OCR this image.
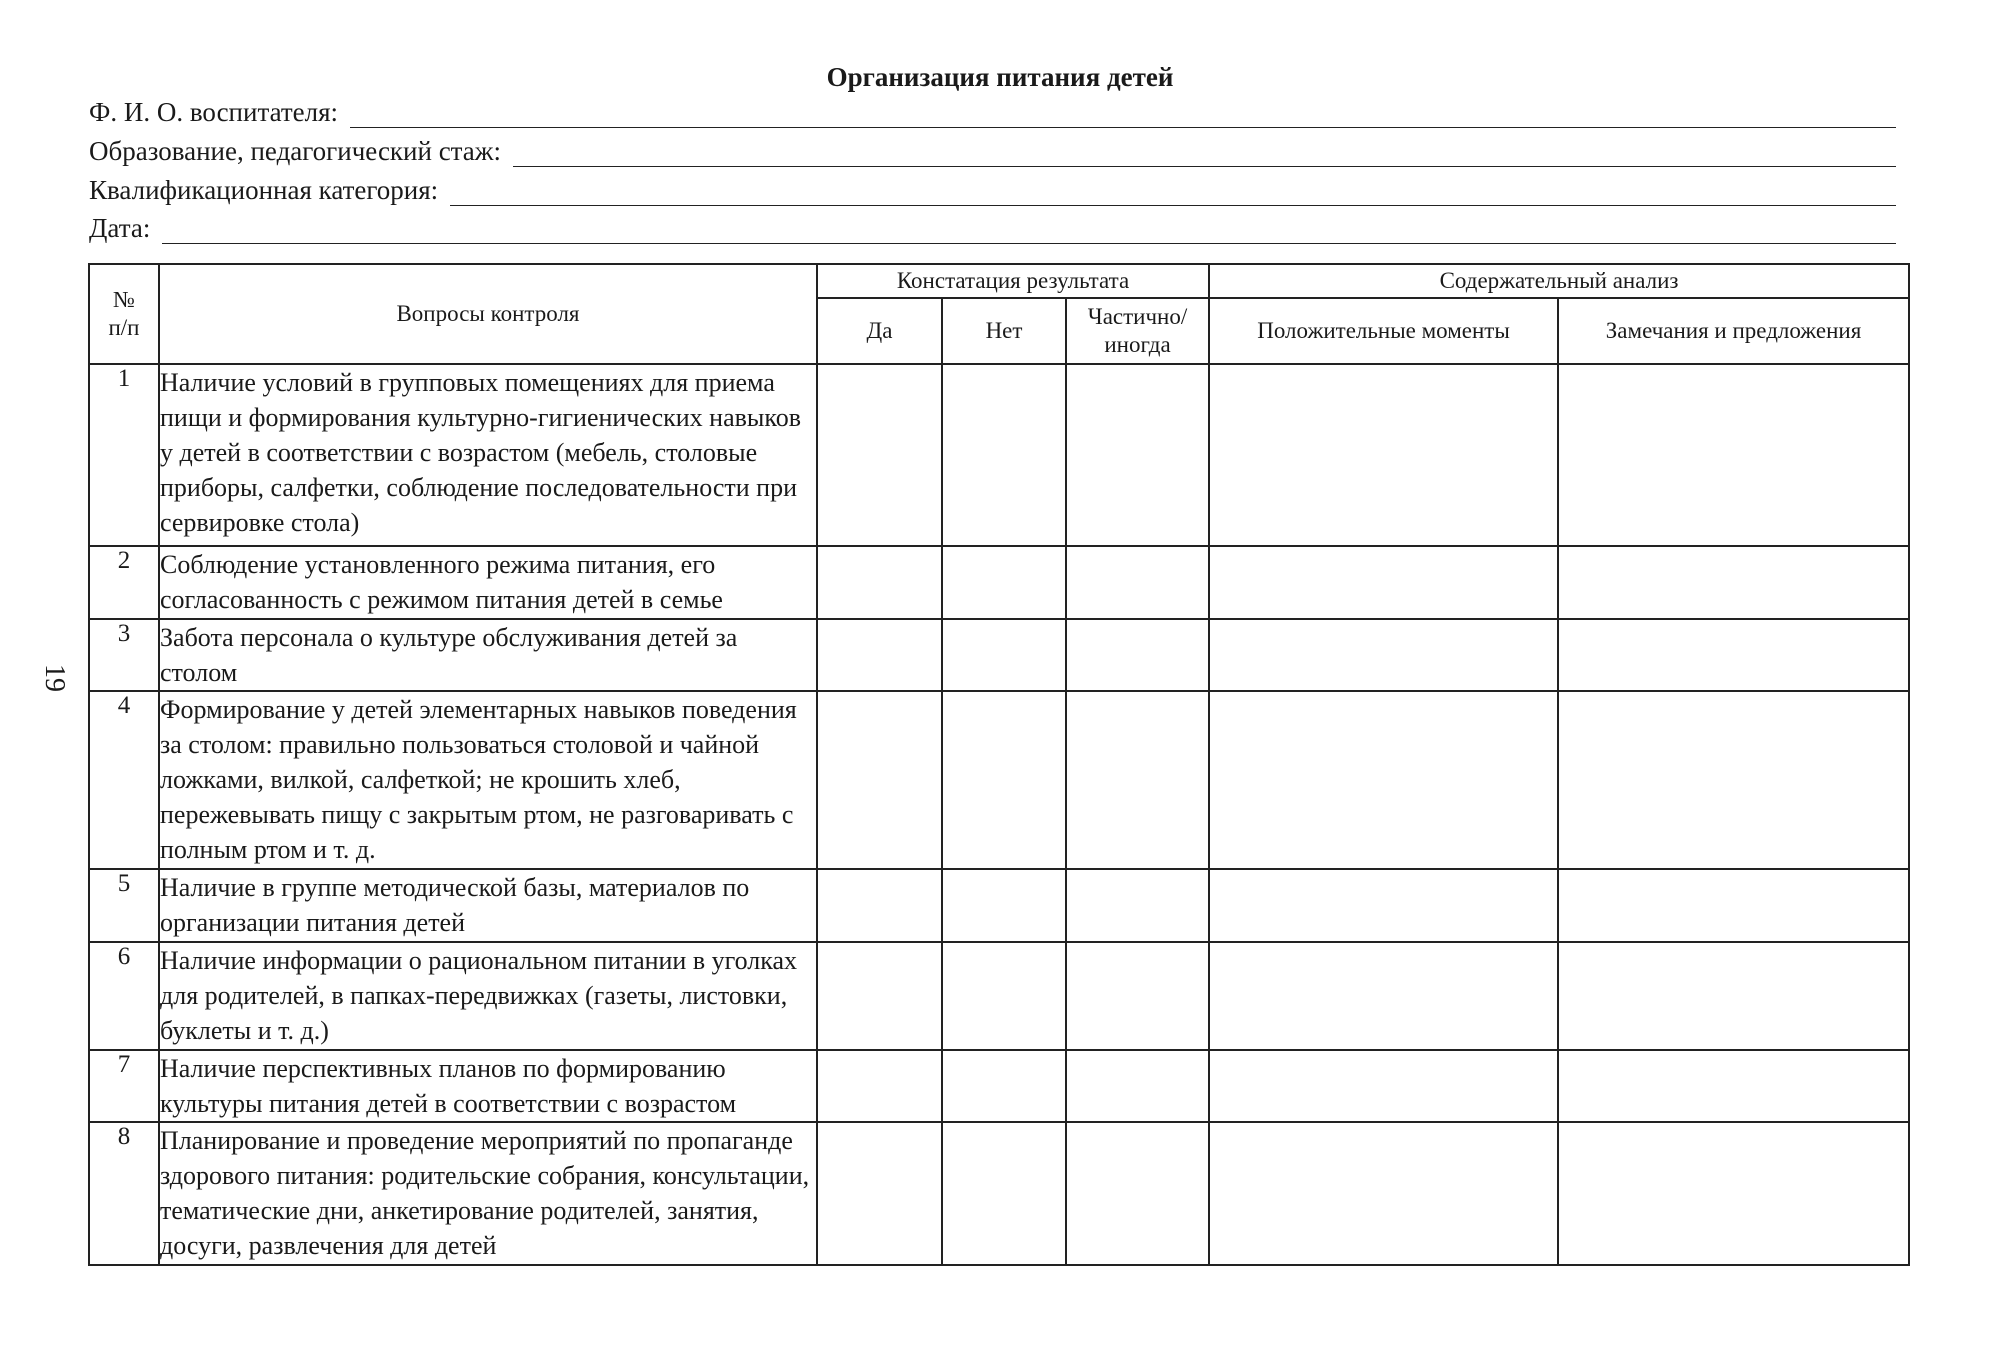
19
Организация питания детей
Ф. И. О. воспитателя:
Образование, педагогический стаж:
Квалификационная категория:
Дата:
№ п/п	Вопросы контроля	Констатация результата			Содержательный анализ	
		Да	Нет	Частично/ иногда	Положительные моменты	Замечания и предложения
1	Наличие условий в групповых помещениях для приема пищи и формирования культурно-гигиенических навыков у детей в соответствии с возрастом (мебель, столовые приборы, салфетки, соблюдение последовательности при сервировке стола)					
2	Соблюдение установленного режима питания, его согласованность с режимом питания детей в семье					
3	Забота персонала о культуре обслуживания детей за столом					
4	Формирование у детей элементарных навыков поведения за столом: правильно пользоваться столовой и чайной ложками, вилкой, салфеткой; не крошить хлеб, пережевывать пищу с закрытым ртом, не разговаривать с полным ртом и т. д.					
5	Наличие в группе методической базы, материалов по организации питания детей					
6	Наличие информации о рациональном питании в уголках для родителей, в папках-передвижках (газеты, листовки, буклеты и т. д.)					
7	Наличие перспективных планов по формированию культуры питания детей в соответствии с возрастом					
8	Планирование и проведение мероприятий по пропаганде здорового питания: родительские собрания, консультации, тематические дни, анкетирование родителей, занятия, досуги, развлечения для детей					
